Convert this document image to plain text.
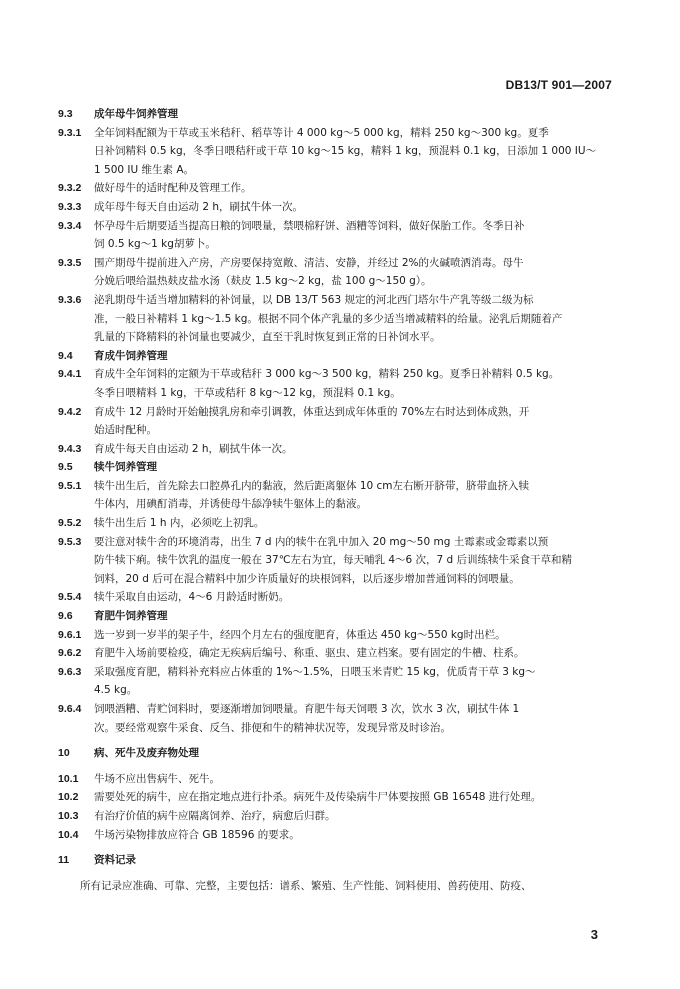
DB13/T 901—2007
9.3 成年母牛饲养管理
9.3.1 全年饲料配额为干草或玉米秸秆、稻草等计 4 000 kg～5 000 kg，精料 250 kg～300 kg。夏季
日补饲精料 0.5 kg，冬季日喂秸秆或干草 10 kg～15 kg，精料 1 kg，预混料 0.1 kg，日添加 1 000 IU～
1 500 IU 维生素 A。
9.3.2 做好母牛的适时配种及管理工作。
9.3.3 成年母牛每天自由运动 2 h，刷拭牛体一次。
9.3.4 怀孕母牛后期要适当提高日粮的饲喂量，禁喂棉籽饼、酒糟等饲料，做好保胎工作。冬季日补
饲 0.5 kg～1 kg胡萝卜。
9.3.5 围产期母牛提前进入产房，产房要保持宽敞、清洁、安静，并经过 2%的火碱喷洒消毒。母牛
分娩后喂给温热麸皮盐水汤（麸皮 1.5 kg～2 kg，盐 100 g～150 g）。
9.3.6 泌乳期母牛适当增加精料的补饲量，以 DB 13/T 563 规定的河北西门塔尔牛产乳等级二级为标
准，一般日补精料 1 kg～1.5 kg。根据不同个体产乳量的多少适当增减精料的给量。泌乳后期随着产
乳量的下降精料的补饲量也要减少，直至干乳时恢复到正常的日补饲水平。
9.4 育成牛饲养管理
9.4.1 育成牛全年饲料的定额为干草或秸秆 3 000 kg～3 500 kg，精料 250 kg。夏季日补精料 0.5 kg。
冬季日喂精料 1 kg，干草或秸秆 8 kg～12 kg，预混料 0.1 kg。
9.4.2 育成牛 12 月龄时开始触摸乳房和牵引调教，体重达到成年体重的 70%左右时达到体成熟，开
始适时配种。
9.4.3 育成牛每天自由运动 2 h，刷拭牛体一次。
9.5 犊牛饲养管理
9.5.1 犊牛出生后，首先除去口腔鼻孔内的黏液，然后距离躯体 10 cm左右断开脐带，脐带血挤入犊
牛体内，用碘酊消毒，并诱使母牛舔净犊牛躯体上的黏液。
9.5.2 犊牛出生后 1 h 内，必须吃上初乳。
9.5.3 要注意对犊牛舍的环境消毒，出生 7 d 内的犊牛在乳中加入 20 mg～50 mg 土霉素或金霉素以预
防牛犊下痢。犊牛饮乳的温度一般在 37℃左右为宜，每天哺乳 4～6 次，7 d 后训练犊牛采食干草和精
饲料，20 d 后可在混合精料中加少许质量好的块根饲料，以后逐步增加普通饲料的饲喂量。
9.5.4 犊牛采取自由运动，4～6 月龄适时断奶。
9.6 育肥牛饲养管理
9.6.1 选一岁到一岁半的架子牛，经四个月左右的强度肥育，体重达 450 kg～550 kg时出栏。
9.6.2 育肥牛入场前要检疫，确定无疾病后编号、称重、驱虫、建立档案。要有固定的牛槽、柱系。
9.6.3 采取强度育肥，精料补充料应占体重的 1%～1.5%，日喂玉米青贮 15 kg，优质青干草 3 kg～
4.5 kg。
9.6.4 饲喂酒糟、青贮饲料时，要逐渐增加饲喂量。育肥牛每天饲喂 3 次，饮水 3 次，刷拭牛体 1
次。要经常观察牛采食、反刍、排便和牛的精神状况等，发现异常及时诊治。
10 病、死牛及废弃物处理
10.1 牛场不应出售病牛、死牛。
10.2 需要处死的病牛，应在指定地点进行扑杀。病死牛及传染病牛尸体要按照 GB 16548 进行处理。
10.3 有治疗价值的病牛应隔离饲养、治疗，病愈后归群。
10.4 牛场污染物排放应符合 GB 18596 的要求。
11 资料记录
所有记录应准确、可靠、完整，主要包括：谱系、繁殖、生产性能、饲料使用、兽药使用、防疫、
3
